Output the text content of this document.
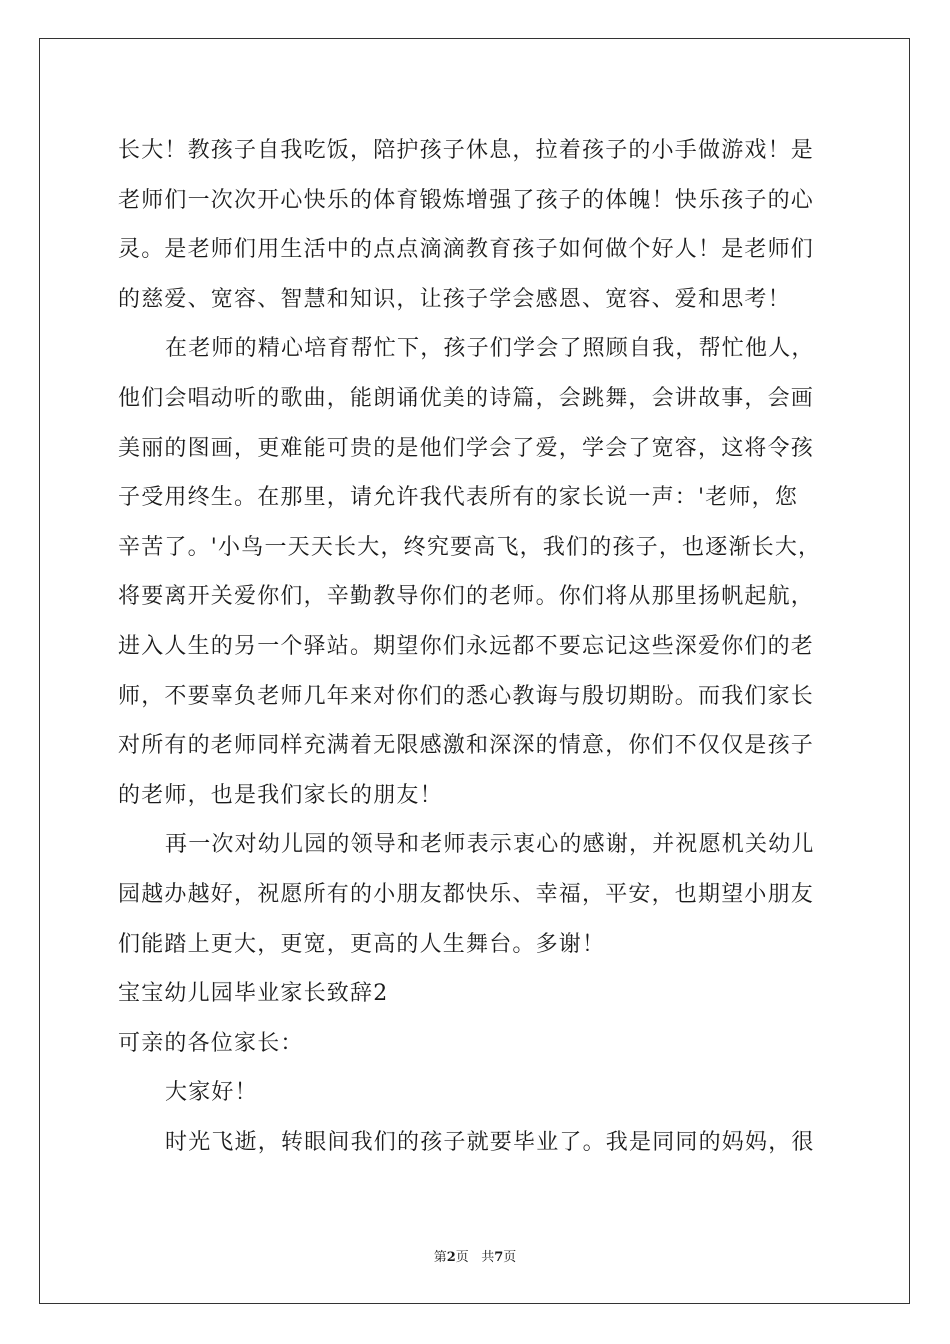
长大！教孩子自我吃饭，陪护孩子休息，拉着孩子的小手做游戏！是
老师们一次次开心快乐的体育锻炼增强了孩子的体魄！快乐孩子的心
灵。是老师们用生活中的点点滴滴教育孩子如何做个好人！是老师们
的慈爱、宽容、智慧和知识，让孩子学会感恩、宽容、爱和思考！
在老师的精心培育帮忙下，孩子们学会了照顾自我，帮忙他人，
他们会唱动听的歌曲，能朗诵优美的诗篇，会跳舞，会讲故事，会画
美丽的图画，更难能可贵的是他们学会了爱，学会了宽容，这将令孩
子受用终生。在那里，请允许我代表所有的家长说一声：'老师，您
辛苦了。'小鸟一天天长大，终究要高飞，我们的孩子，也逐渐长大，
将要离开关爱你们，辛勤教导你们的老师。你们将从那里扬帆起航，
进入人生的另一个驿站。期望你们永远都不要忘记这些深爱你们的老
师，不要辜负老师几年来对你们的悉心教诲与殷切期盼。而我们家长
对所有的老师同样充满着无限感激和深深的情意，你们不仅仅是孩子
的老师，也是我们家长的朋友！
再一次对幼儿园的领导和老师表示衷心的感谢，并祝愿机关幼儿
园越办越好，祝愿所有的小朋友都快乐、幸福，平安，也期望小朋友
们能踏上更大，更宽，更高的人生舞台。多谢！
宝宝幼儿园毕业家长致辞2
可亲的各位家长：
大家好！
时光飞逝，转眼间我们的孩子就要毕业了。我是同同的妈妈，很
第2页 共7页
